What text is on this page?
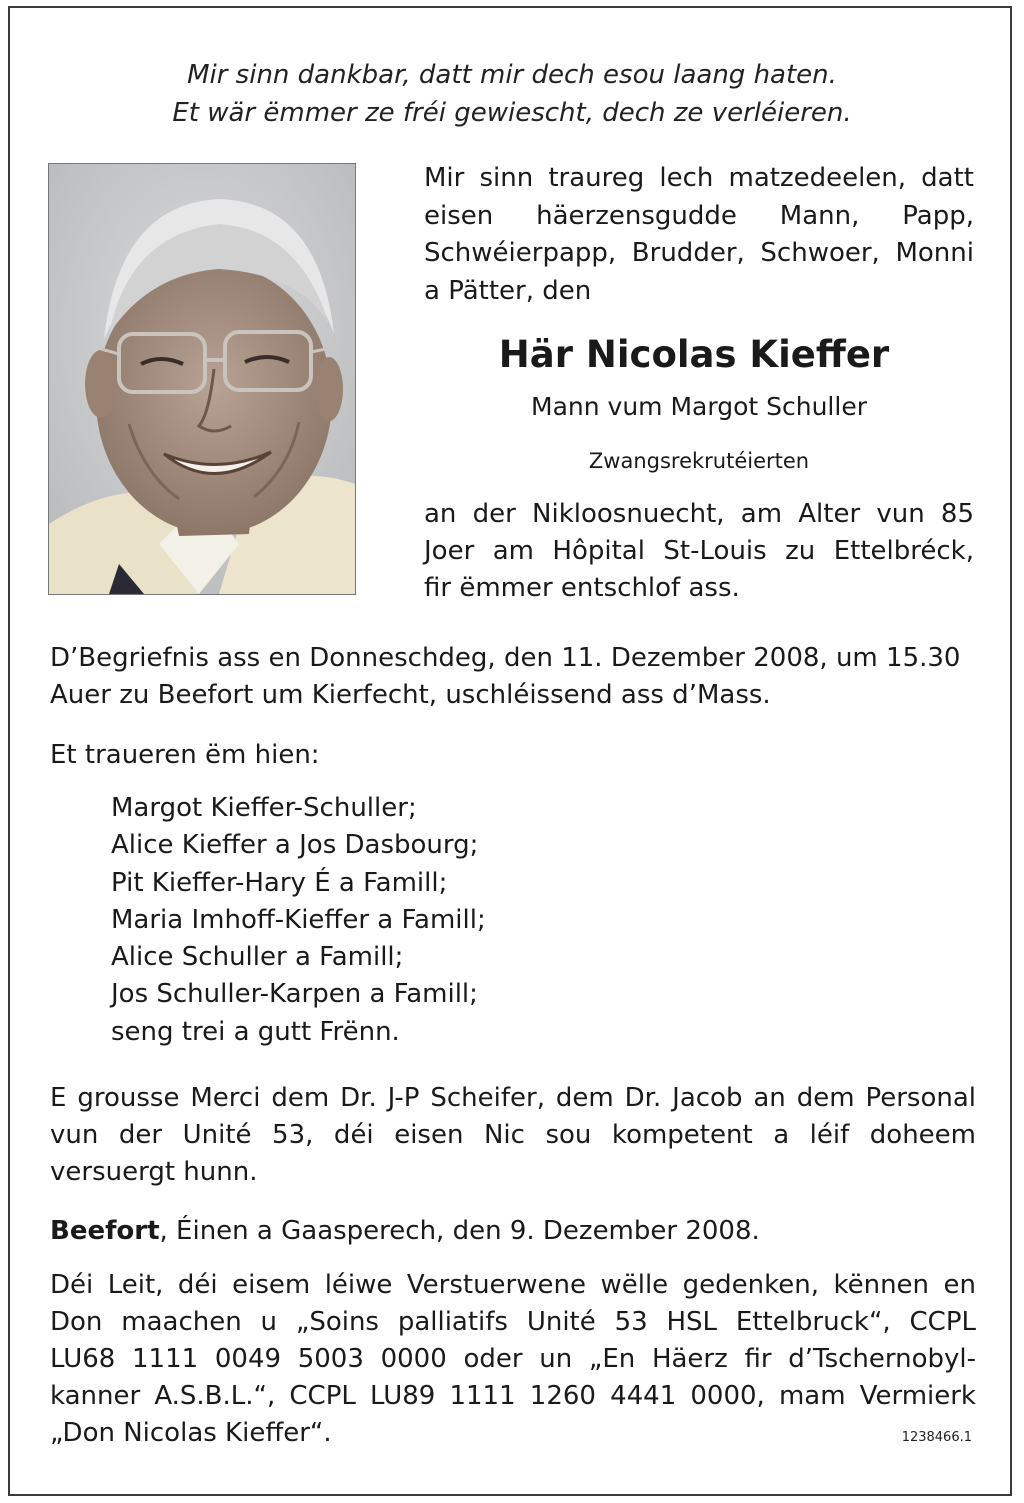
Mir sinn dankbar, datt mir dech esou laang haten.
Et wär ëmmer ze fréi gewiescht, dech ze verléieren.
Mir sinn traureg lech matzedeelen, datt
eisen häerzensgudde Mann, Papp,
Schwéierpapp, Brudder, Schwoer, Monni
a Pätter, den
Här Nicolas Kieffer
Mann vum Margot Schuller
Zwangsrekrutéierten
an der Nikloosnuecht, am Alter vun 85
Joer am Hôpital St-Louis zu Ettelbréck,
fir ëmmer entschlof ass.
D’Begriefnis ass en Donneschdeg, den 11. Dezember 2008, um 15.30
Auer zu Beefort um Kierfecht, uschléissend ass d’Mass.
Et traueren ëm hien:
Margot Kieffer-Schuller;
Alice Kieffer a Jos Dasbourg;
Pit Kieffer-Hary É a Famill;
Maria Imhoff-Kieffer a Famill;
Alice Schuller a Famill;
Jos Schuller-Karpen a Famill;
seng trei a gutt Frënn.
E grousse Merci dem Dr. J-P Scheifer, dem Dr. Jacob an dem Personal
vun der Unité 53, déi eisen Nic sou kompetent a léif doheem
versuergt hunn.
Beefort, Éinen a Gaasperech, den 9. Dezember 2008.
Déi Leit, déi eisem léiwe Verstuerwene wëlle gedenken, kënnen en
Don maachen u „Soins palliatifs Unité 53 HSL Ettelbruck“, CCPL
LU68 1111 0049 5003 0000 oder un „En Häerz fir d’Tschernobyl-
kanner A.S.B.L.“, CCPL LU89 1111 1260 4441 0000, mam Vermierk
„Don Nicolas Kieffer“.	1238466.1
